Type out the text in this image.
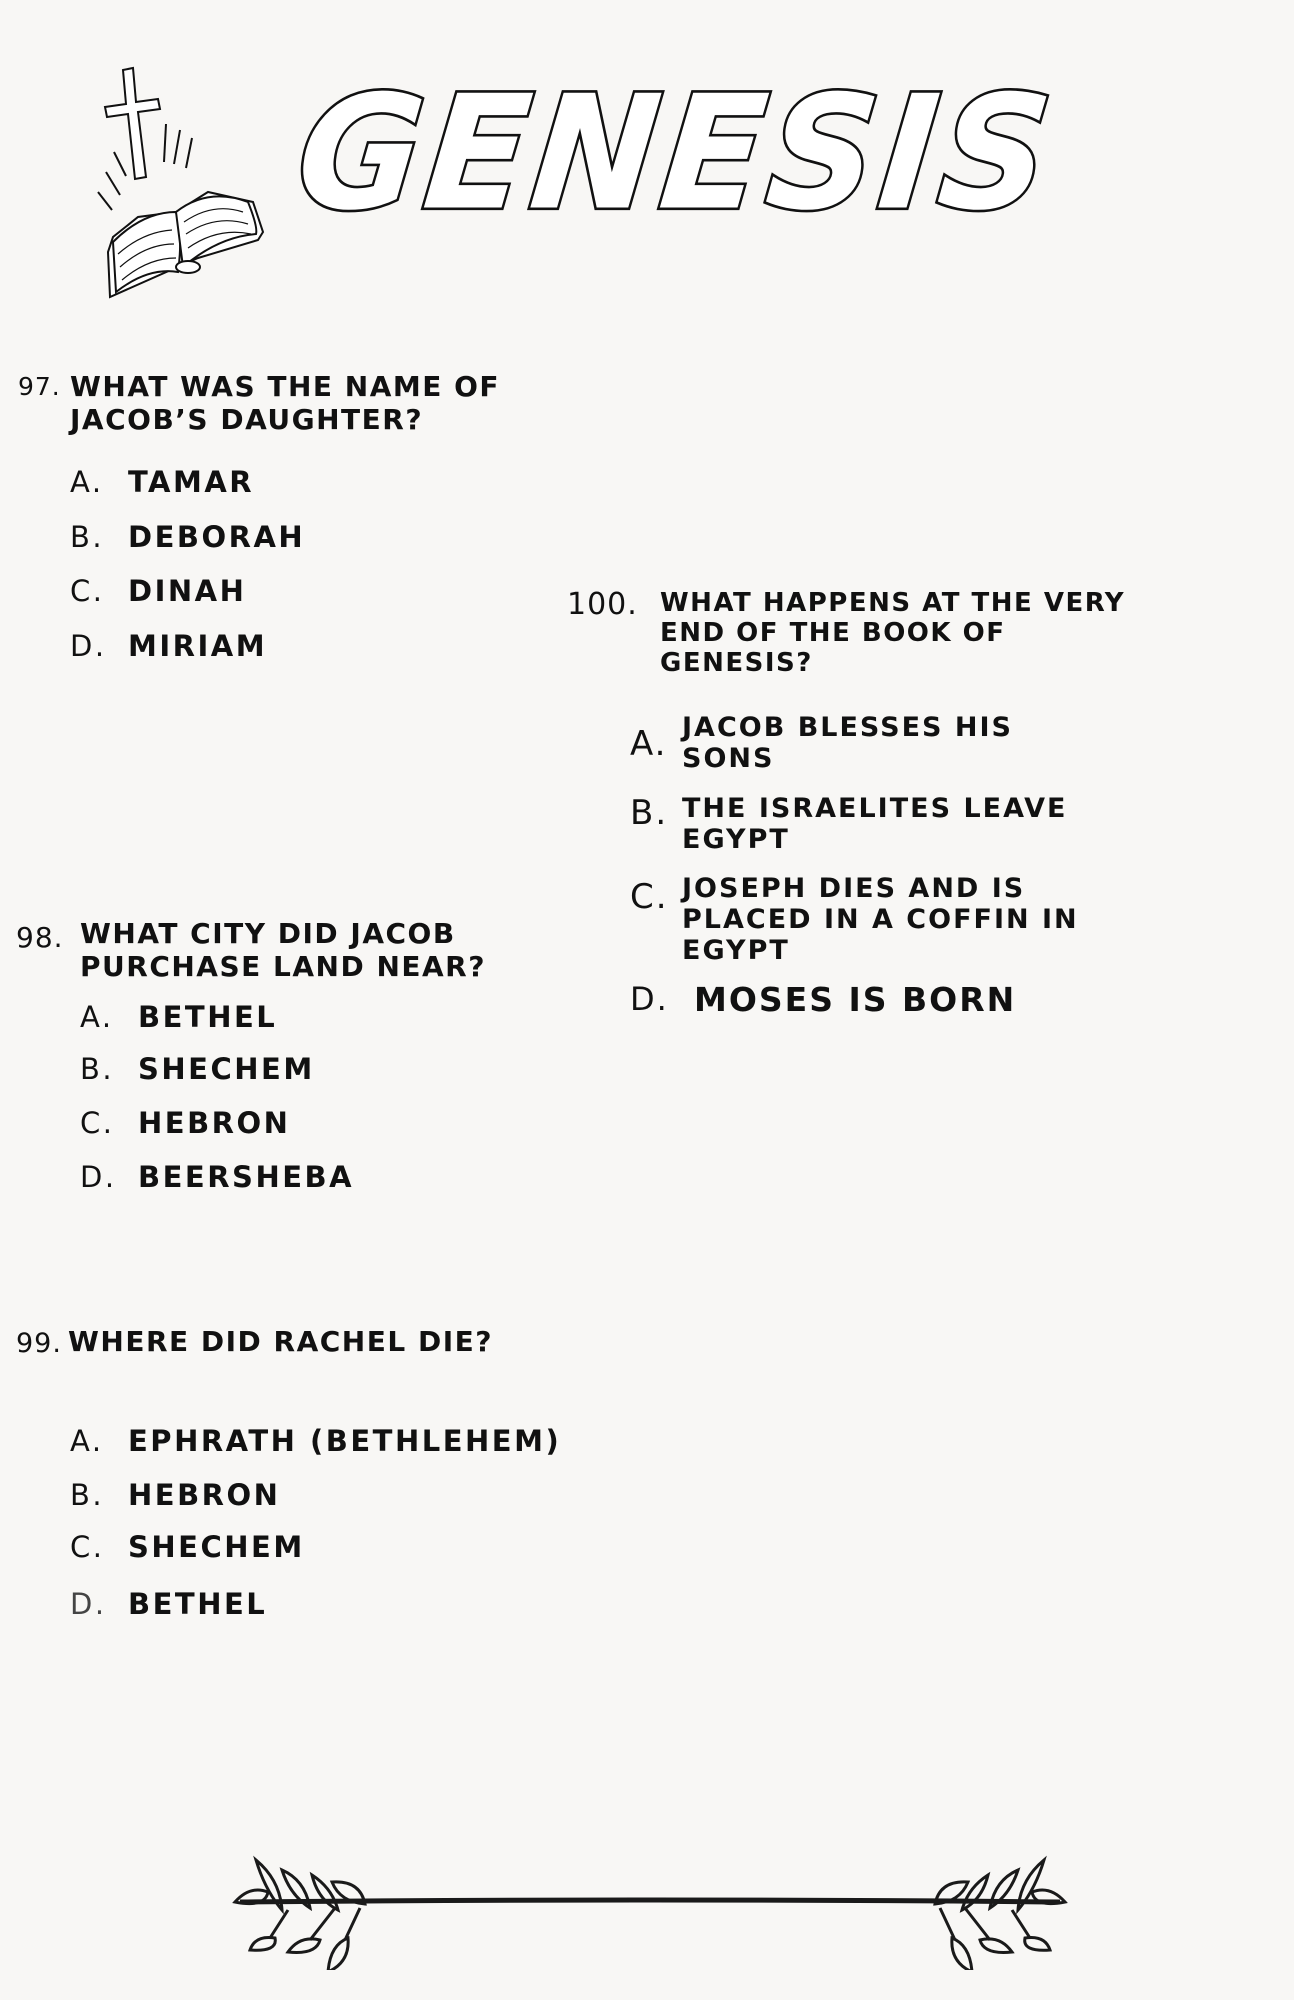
GENESIS
97. WHAT WAS THE NAME OF
JACOB’S DAUGHTER?
A. TAMAR
B. DEBORAH
C. DINAH
D. MIRIAM
98. WHAT CITY DID JACOB
PURCHASE LAND NEAR?
A. BETHEL
B. SHECHEM
C. HEBRON
D. BEERSHEBA
99. WHERE DID RACHEL DIE?
A. EPHRATH (BETHLEHEM)
B. HEBRON
C. SHECHEM
D. BETHEL
100. WHAT HAPPENS AT THE VERY
END OF THE BOOK OF
GENESIS?
A. JACOB BLESSES HIS
SONS
B. THE ISRAELITES LEAVE
EGYPT
C. JOSEPH DIES AND IS
PLACED IN A COFFIN IN
EGYPT
D. MOSES IS BORN
